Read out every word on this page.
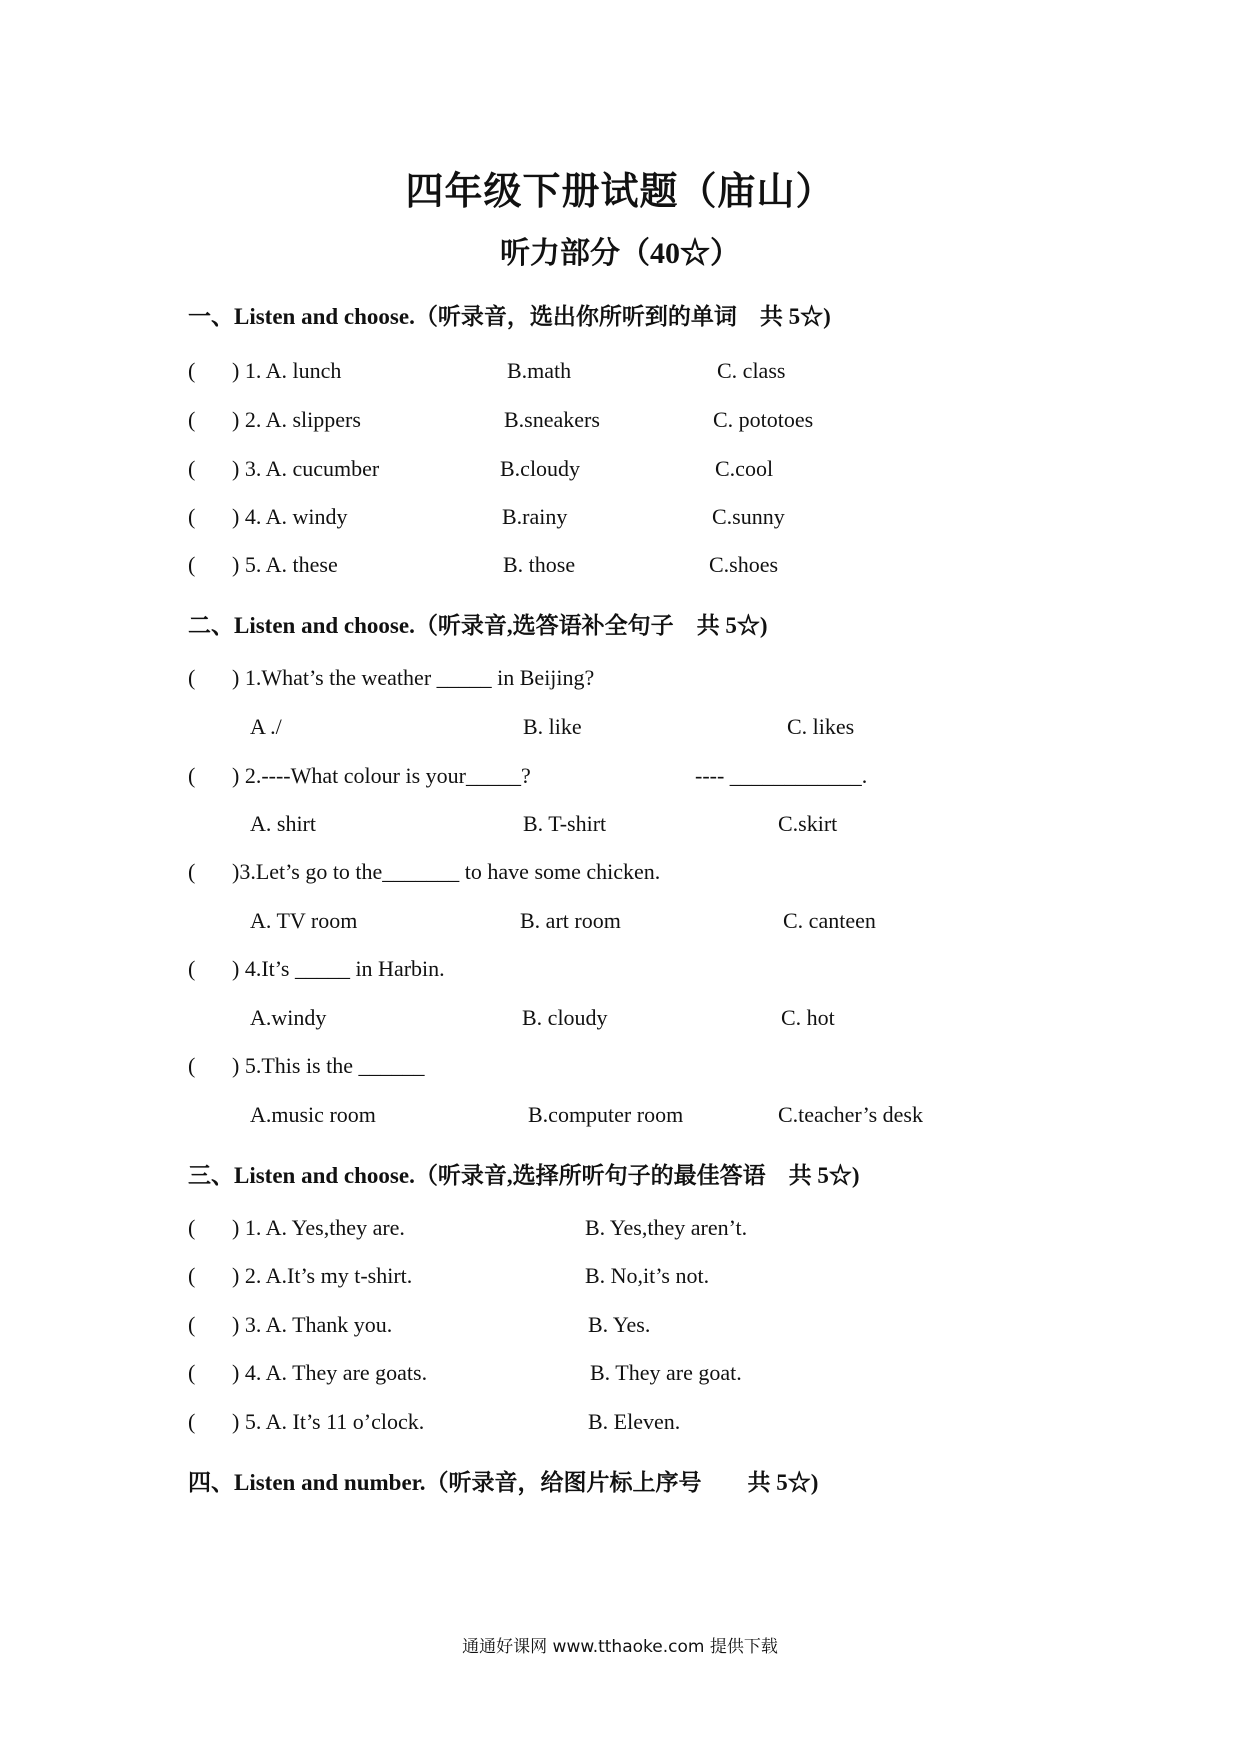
四年级下册试题（庙山）
听力部分（40☆）
一、Listen and choose.（听录音，选出你所听到的单词　共 5☆)
( ) 1. A. lunch	B.math	C. class
( ) 2. A. slippers	B.sneakers	C. pototoes
( ) 3. A. cucumber	B.cloudy	C.cool
( ) 4. A. windy	B.rainy	C.sunny
( ) 5. A. these	B. those	C.shoes
二、Listen and choose.（听录音,选答语补全句子　共 5☆)
( ) 1.What’s the weather _____ in Beijing?
A ./	B. like	C. likes
( ) 2.----What colour is your_____?	---- ____________.
A. shirt	B. T-shirt	C.skirt
( )3.Let’s go to the_______ to have some chicken.
A. TV room	B. art room	C. canteen
( ) 4.It’s _____ in Harbin.
A.windy	B. cloudy	C. hot
( ) 5.This is the ______
A.music room	B.computer room	C.teacher’s desk
三、Listen and choose.（听录音,选择所听句子的最佳答语　共 5☆)
( ) 1. A. Yes,they are.	B. Yes,they aren’t.
( ) 2. A.It’s my t-shirt.	B. No,it’s not.
( ) 3. A. Thank you.	B. Yes.
( ) 4. A. They are goats.	B. They are goat.
( ) 5. A. It’s 11 o’clock.	B. Eleven.
四、Listen and number.（听录音，给图片标上序号　　共 5☆)
通通好课网 www.tthaoke.com 提供下载
